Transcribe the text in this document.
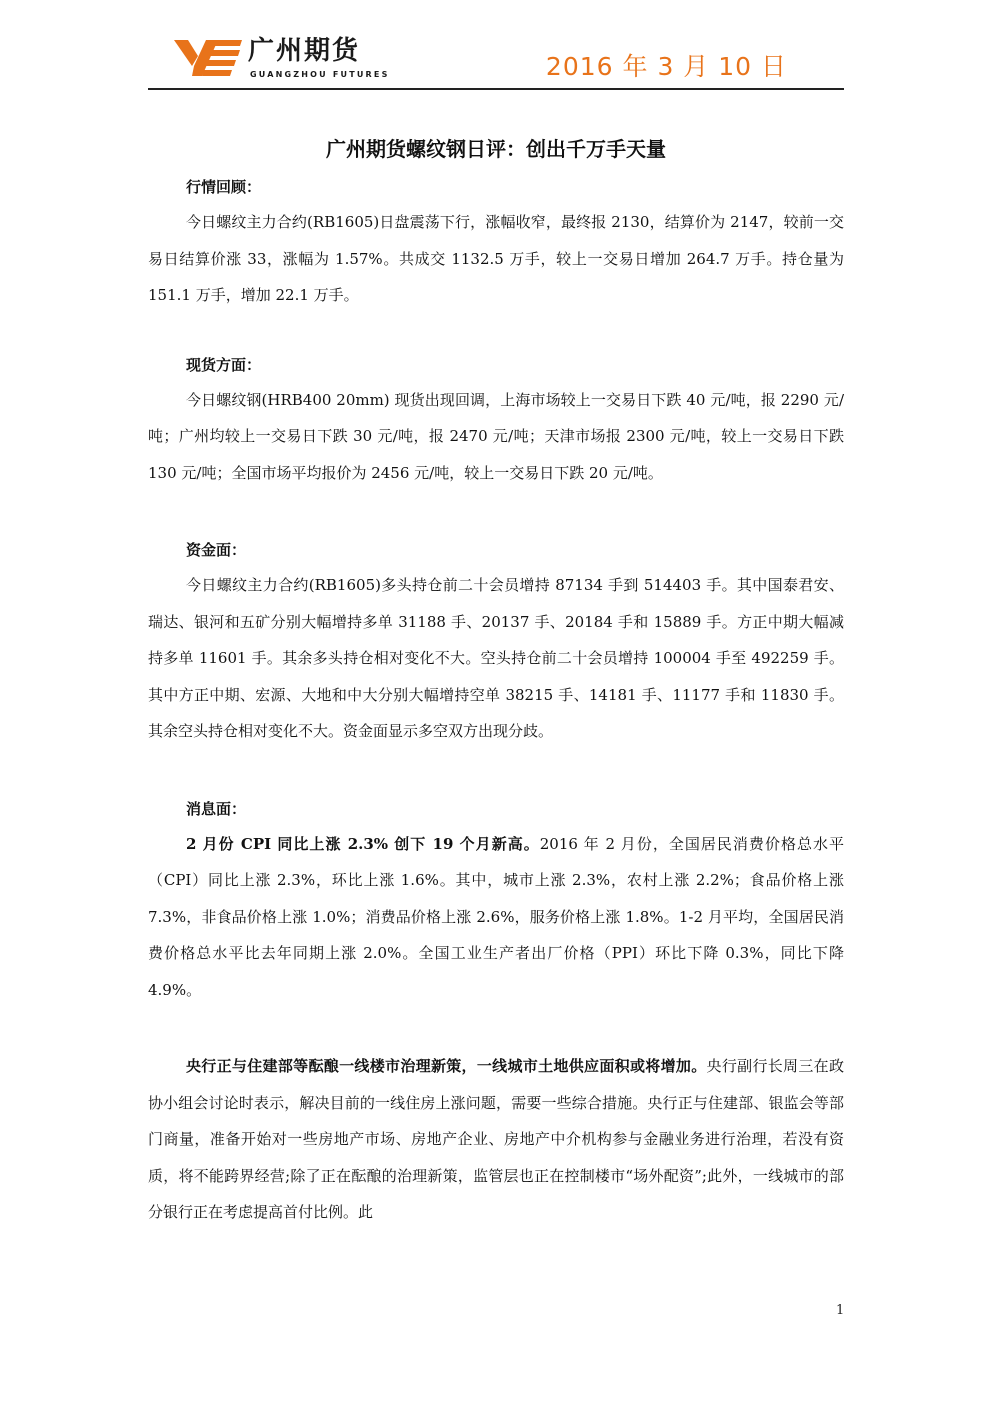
广州期货
GUANGZHOU FUTURES	2016 年 3 月 10 日
广州期货螺纹钢日评：创出千万手天量
行情回顾：

今日螺纹主力合约(RB1605)日盘震荡下行，涨幅收窄，最终报 2130，结算价为 2147，较前一交易日结算价涨 33，涨幅为 1.57%。共成交 1132.5 万手，较上一交易日增加 264.7 万手。持仓量为 151.1 万手，增加 22.1 万手。

现货方面：

今日螺纹钢(HRB400 20mm) 现货出现回调，上海市场较上一交易日下跌 40 元/吨，报 2290 元/吨；广州均较上一交易日下跌 30 元/吨，报 2470 元/吨；天津市场报 2300 元/吨，较上一交易日下跌 130 元/吨；全国市场平均报价为 2456 元/吨，较上一交易日下跌 20 元/吨。

资金面：

今日螺纹主力合约(RB1605)多头持仓前二十会员增持 87134 手到 514403 手。其中国泰君安、瑞达、银河和五矿分别大幅增持多单 31188 手、20137 手、20184 手和 15889 手。方正中期大幅减持多单 11601 手。其余多头持仓相对变化不大。空头持仓前二十会员增持 100004 手至 492259 手。其中方正中期、宏源、大地和中大分别大幅增持空单 38215 手、14181 手、11177 手和 11830 手。其余空头持仓相对变化不大。资金面显示多空双方出现分歧。

消息面：

2 月份 CPI 同比上涨 2.3% 创下 19 个月新高。2016 年 2 月份，全国居民消费价格总水平（CPI）同比上涨 2.3%，环比上涨 1.6%。其中，城市上涨 2.3%，农村上涨 2.2%；食品价格上涨 7.3%，非食品价格上涨 1.0%；消费品价格上涨 2.6%，服务价格上涨 1.8%。1-2 月平均，全国居民消费价格总水平比去年同期上涨 2.0%。全国工业生产者出厂价格（PPI）环比下降 0.3%，同比下降 4.9%。

央行正与住建部等酝酿一线楼市治理新策，一线城市土地供应面积或将增加。央行副行长周三在政协小组会讨论时表示，解决目前的一线住房上涨问题，需要一些综合措施。央行正与住建部、银监会等部门商量，准备开始对一些房地产市场、房地产企业、房地产中介机构参与金融业务进行治理，若没有资质，将不能跨界经营;除了正在酝酿的治理新策，监管层也正在控制楼市“场外配资”;此外，一线城市的部分银行正在考虑提高首付比例。此

1
